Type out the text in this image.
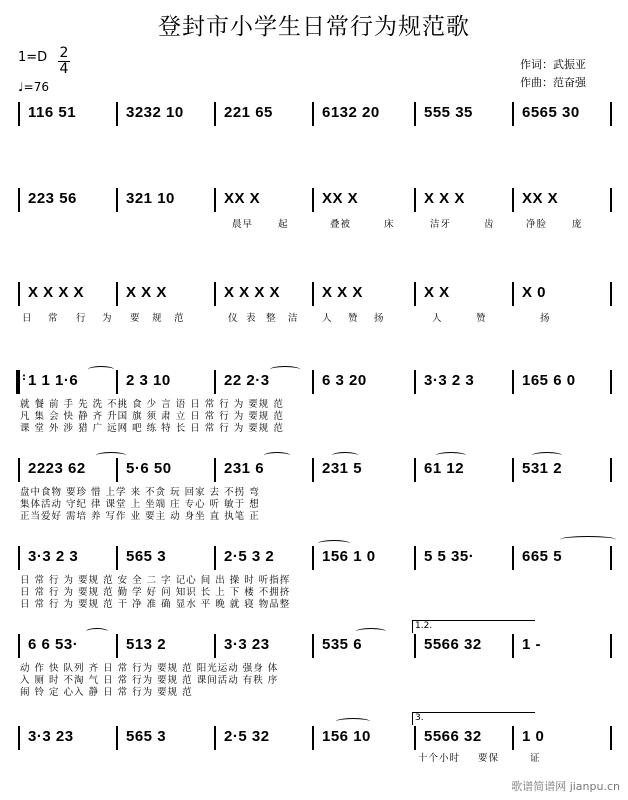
登封市小学生日常行为规范歌
1=D 2
4
♩=76
作词：武振亚
作曲：范奋强
116 51	3232 10	221 65	6132 20	555 35	6565 30
223 56	321 10	XX X	XX X	X X X	XX X
晨早	起	叠被	床	洁牙	齿	净脸	庞
X X X X	X X X	X X X X	X X X	X X	X 0
日 常 行 为 要 规 范	仪 表 整 洁 人 赞 扬	人	赞	扬
: 1 1 1·6	2 3 10	22 2·3	6 3 20	3·3 2 3	165 6 0
就 餐 前 手 先 洗 不挑 食 少 言 语 日 常 行 为 要规 范
凡 集 会 快 静 齐 升国 旗 须 肃 立 日 常 行 为 要规 范
课 堂 外 涉 猎 广 远网 吧 练 特 长 日 常 行 为 要规 范
2223 62	5·6 50	231 6	231 5	61 12	531 2
盘中食物 要珍 惜 上学 来 不贪 玩 回家 去 不拐 弯
集体活动 守纪 律 课堂 上 坐端 庄 专心 听 敏于 想
正当爱好 需培 养 写作 业 要主 动 身坐 直 执笔 正
3·3 2 3	565 3	2·5 3 2	156 1 0	5 5 35·	665 5
日 常 行 为 要规 范 安 全 二 字 记心 间 出 操 时 听指挥
日 常 行 为 要规 范 勤 学 好 问 知识 长 上 下 楼 不拥挤
日 常 行 为 要规 范 干 净 准 确 显水 平 晚 就 寝 物品整
6 6 53·	513 2	3·3 23	535 6	5566 32	1 -
1.2.
动 作 快 队列 齐 日 常 行为 要规 范 阳光运动 强身 体
入 厕 时 不淘 气 日 常 行为 要规 范 课间活动 有秩 序
闹 铃 定 心入 静 日 常 行为 要规 范
3·3 23	565 3	2·5 32	156 10	5566 32	1 0
3.
十个小时 要保	证
歌谱简谱网 jianpu.cn
